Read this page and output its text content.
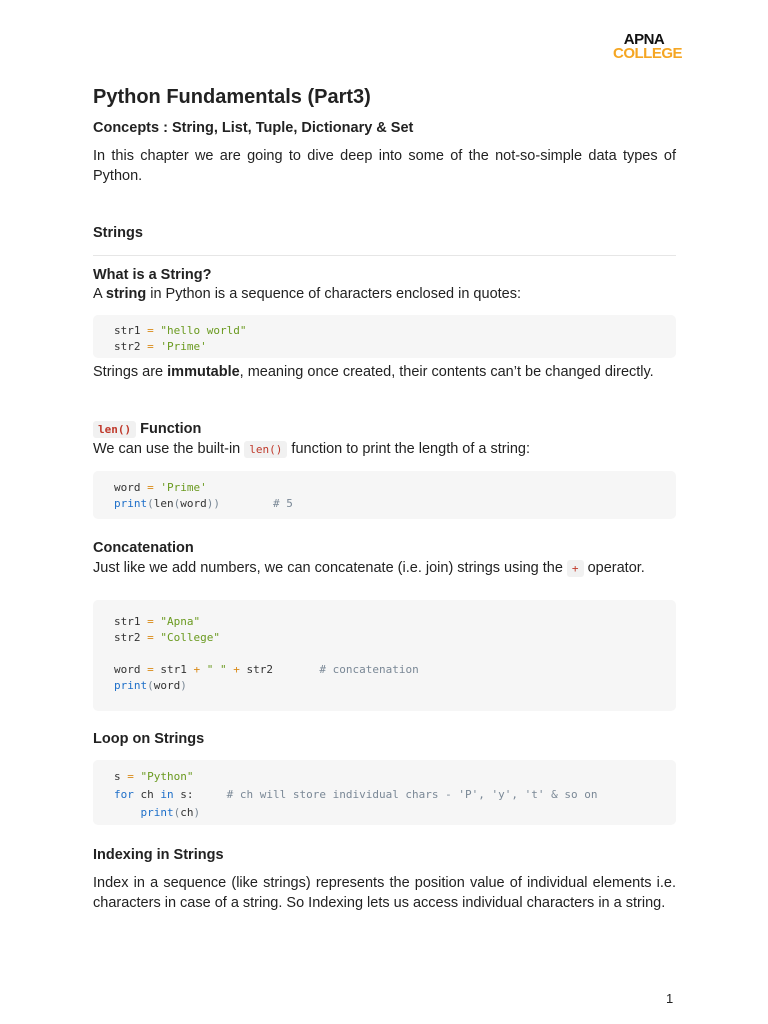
APNA
COLLEGE
Python Fundamentals (Part3)
Concepts : String, List, Tuple, Dictionary & Set

In this chapter we are going to dive deep into some of the not-so-simple data types of Python.

Strings
What is a String?

A string in Python is a sequence of characters enclosed in quotes:

str1 = "hello world"
str2 = 'Prime'

Strings are immutable, meaning once created, their contents can’t be changed directly.

len() Function

We can use the built-in len() function to print the length of a string:

word = 'Prime'
print(len(word))	# 5
Concatenation

Just like we add numbers, we can concatenate (i.e. join) strings using the + operator.

str1 = "Apna"
str2 = "College"
word = str1 + " " + str2	# concatenation
print(word)
Loop on Strings
s = "Python"
for ch in s:	# ch will store individual chars - 'P', 'y', 't' & so on
print(ch)
Indexing in Strings

Index in a sequence (like strings) represents the position value of individual elements i.e. characters in case of a string. So Indexing lets us access individual characters in a string.

1
